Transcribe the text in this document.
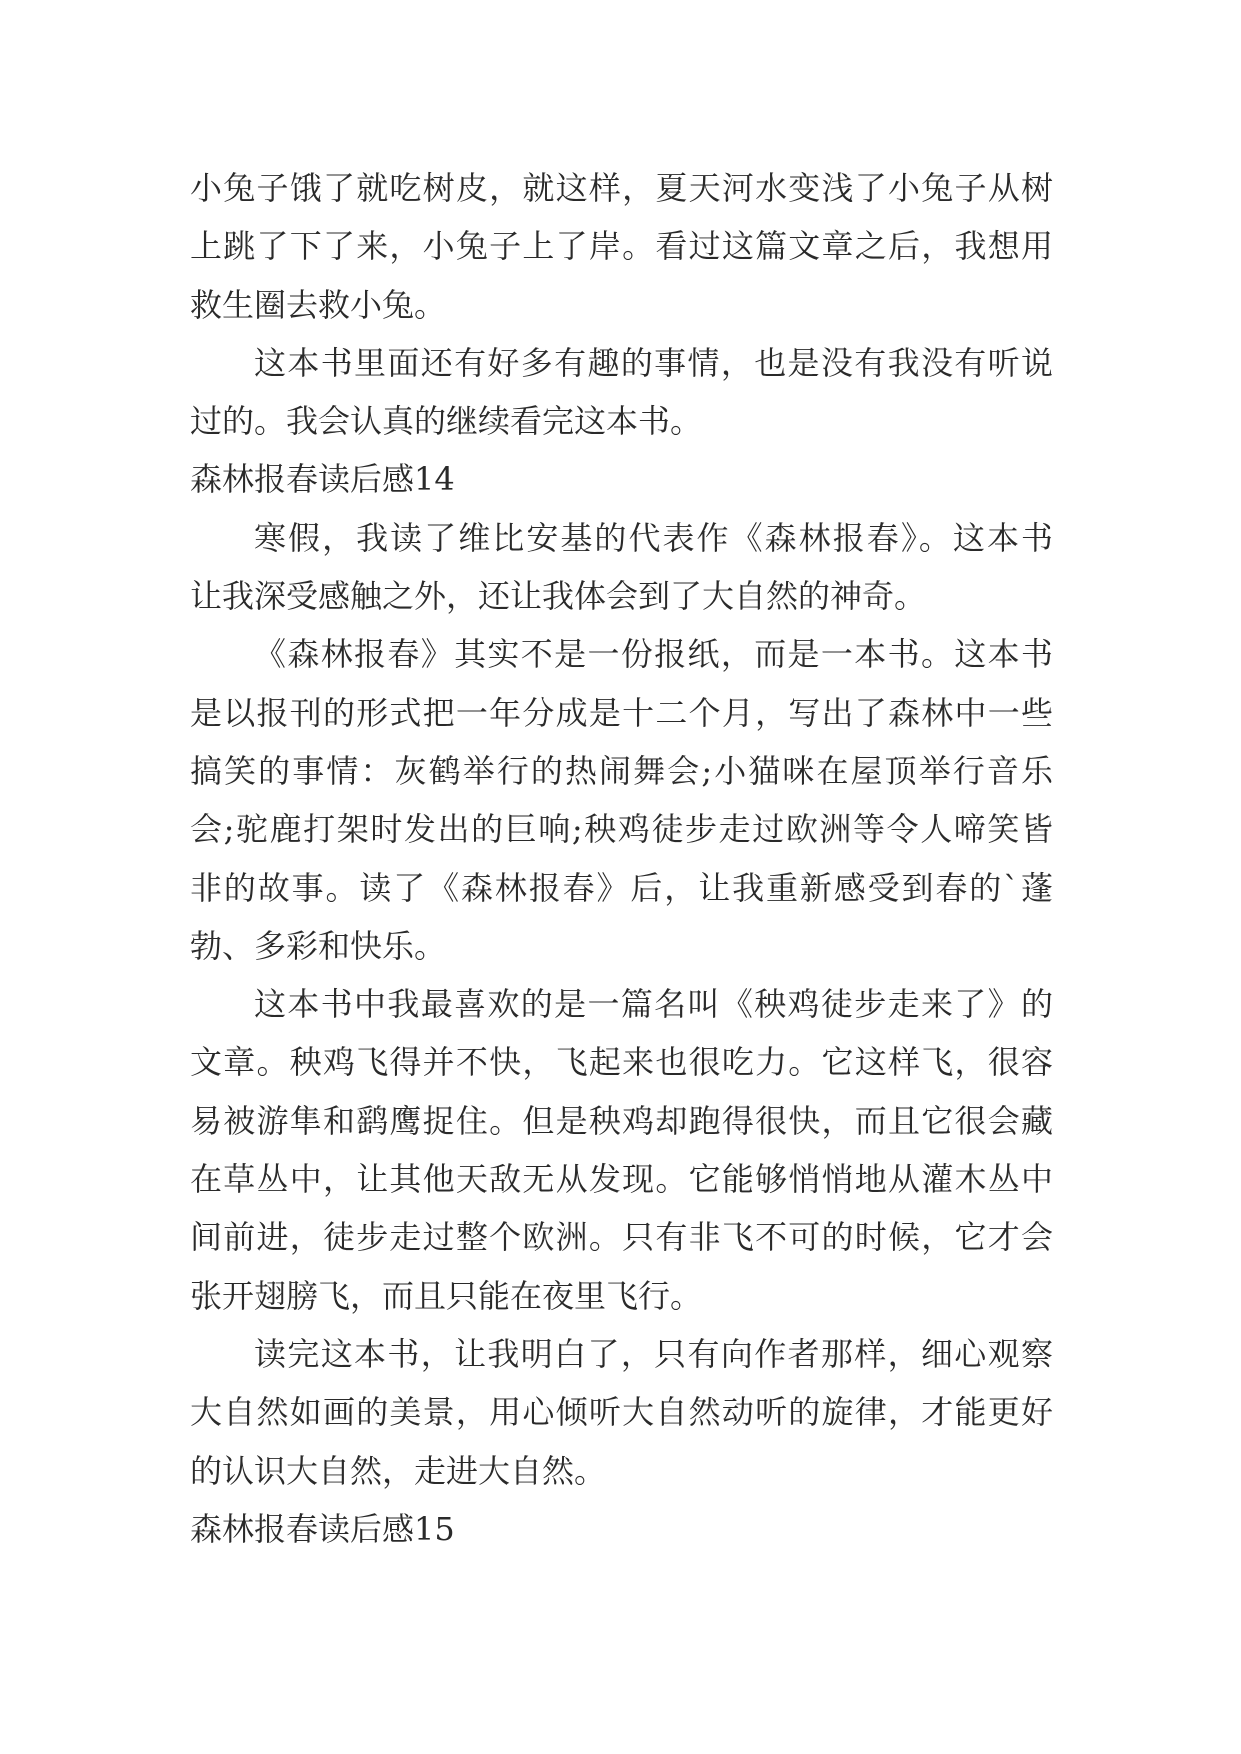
小兔子饿了就吃树皮，就这样，夏天河水变浅了小兔子从树
上跳了下了来，小兔子上了岸。看过这篇文章之后，我想用
救生圈去救小兔。
这本书里面还有好多有趣的事情，也是没有我没有听说
过的。我会认真的继续看完这本书。
森林报春读后感14
寒假，我读了维比安基的代表作《森林报春》。这本书
让我深受感触之外，还让我体会到了大自然的神奇。
《森林报春》其实不是一份报纸，而是一本书。这本书
是以报刊的形式把一年分成是十二个月，写出了森林中一些
搞笑的事情：灰鹤举行的热闹舞会;小猫咪在屋顶举行音乐
会;驼鹿打架时发出的巨响;秧鸡徒步走过欧洲等令人啼笑皆
非的故事。读了《森林报春》后，让我重新感受到春的`蓬
勃、多彩和快乐。
这本书中我最喜欢的是一篇名叫《秧鸡徒步走来了》的
文章。秧鸡飞得并不快，飞起来也很吃力。它这样飞，很容
易被游隼和鹞鹰捉住。但是秧鸡却跑得很快，而且它很会藏
在草丛中，让其他天敌无从发现。它能够悄悄地从灌木丛中
间前进，徒步走过整个欧洲。只有非飞不可的时候，它才会
张开翅膀飞，而且只能在夜里飞行。
读完这本书，让我明白了，只有向作者那样，细心观察
大自然如画的美景，用心倾听大自然动听的旋律，才能更好
的认识大自然，走进大自然。
森林报春读后感15
